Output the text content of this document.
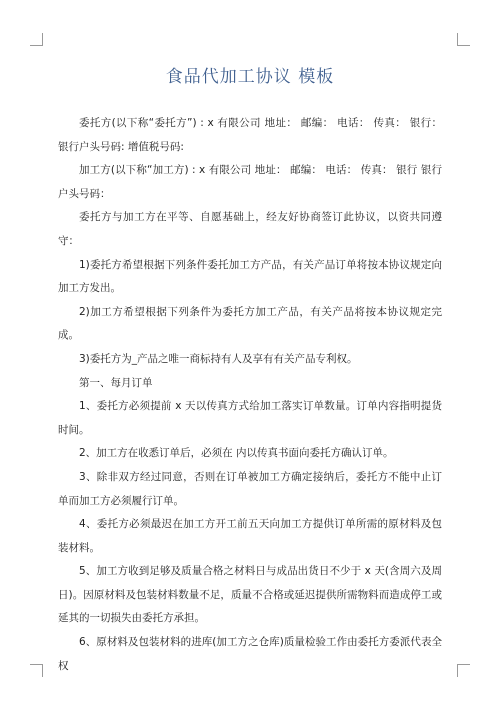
食品代加工协议 模板

委托方(以下称“委托方”) : x 有限公司 地址： 邮编： 电话： 传真： 银行： 银行户头号码: 增值税号码:

加工方(以下称“加工方) : x 有限公司 地址： 邮编： 电话： 传真： 银行 银行户头号码：

委托方与加工方在平等、自愿基础上，经友好协商签订此协议，以资共同遵守：

1)委托方希望根据下列条件委托加工方产品，有关产品订单将按本协议规定向加工方发出。

2)加工方希望根据下列条件为委托方加工产品，有关产品将按本协议规定完成。

3)委托方为_产品之唯一商标持有人及享有有关产品专利权。

第一、每月订单

1、委托方必须提前 x 天以传真方式给加工落实订单数量。订单内容指明提货时间。

2、加工方在收悉订单后，必须在 内以传真书面向委托方确认订单。

3、除非双方经过同意，否则在订单被加工方确定接纳后，委托方不能中止订单而加工方必须履行订单。

4、委托方必须最迟在加工方开工前五天向加工方提供订单所需的原材料及包装材料。

5、加工方收到足够及质量合格之材料日与成品出货日不少于 x 天(含周六及周日)。因原材料及包装材料数量不足，质量不合格或延迟提供所需物料而造成停工或延其的一切损失由委托方承担。

6、原材料及包装材料的进库(加工方之仓库)质量检验工作由委托方委派代表全权
